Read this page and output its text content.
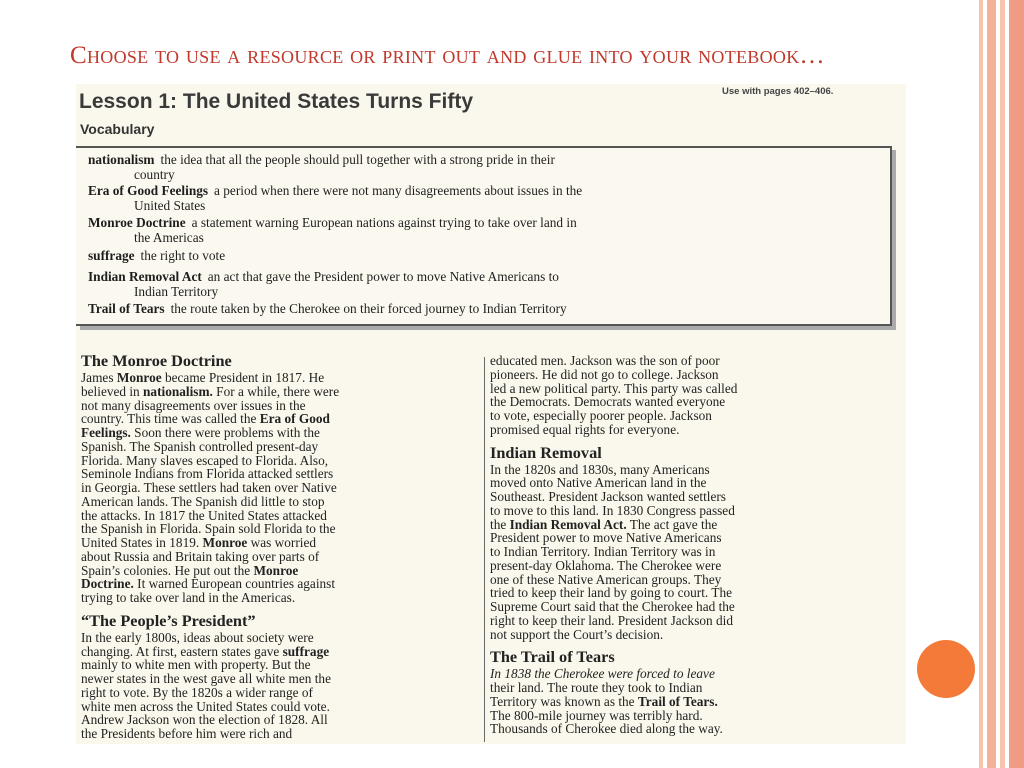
Choose to use a resource or print out and glue into your notebook…
Use with pages 402–406.
Lesson 1: The United States Turns Fifty
Vocabulary
nationalism the idea that all the people should pull together with a strong pride in their
country
Era of Good Feelings a period when there were not many disagreements about issues in the
United States
Monroe Doctrine a statement warning European nations against trying to take over land in
the Americas
suffrage the right to vote
Indian Removal Act an act that gave the President power to move Native Americans to
Indian Territory
Trail of Tears the route taken by the Cherokee on their forced journey to Indian Territory
The Monroe Doctrine
James Monroe became President in 1817. He
believed in nationalism. For a while, there were
not many disagreements over issues in the
country. This time was called the Era of Good
Feelings. Soon there were problems with the
Spanish. The Spanish controlled present-day
Florida. Many slaves escaped to Florida. Also,
Seminole Indians from Florida attacked settlers
in Georgia. These settlers had taken over Native
American lands. The Spanish did little to stop
the attacks. In 1817 the United States attacked
the Spanish in Florida. Spain sold Florida to the
United States in 1819. Monroe was worried
about Russia and Britain taking over parts of
Spain’s colonies. He put out the Monroe
Doctrine. It warned European countries against
trying to take over land in the Americas.
“The People’s President”
In the early 1800s, ideas about society were
changing. At first, eastern states gave suffrage
mainly to white men with property. But the
newer states in the west gave all white men the
right to vote. By the 1820s a wider range of
white men across the United States could vote.
Andrew Jackson won the election of 1828. All
the Presidents before him were rich and
educated men. Jackson was the son of poor
pioneers. He did not go to college. Jackson
led a new political party. This party was called
the Democrats. Democrats wanted everyone
to vote, especially poorer people. Jackson
promised equal rights for everyone.
Indian Removal
In the 1820s and 1830s, many Americans
moved onto Native American land in the
Southeast. President Jackson wanted settlers
to move to this land. In 1830 Congress passed
the Indian Removal Act. The act gave the
President power to move Native Americans
to Indian Territory. Indian Territory was in
present-day Oklahoma. The Cherokee were
one of these Native American groups. They
tried to keep their land by going to court. The
Supreme Court said that the Cherokee had the
right to keep their land. President Jackson did
not support the Court’s decision.
The Trail of Tears
In 1838 the Cherokee were forced to leave
their land. The route they took to Indian
Territory was known as the Trail of Tears.
The 800-mile journey was terribly hard.
Thousands of Cherokee died along the way.
